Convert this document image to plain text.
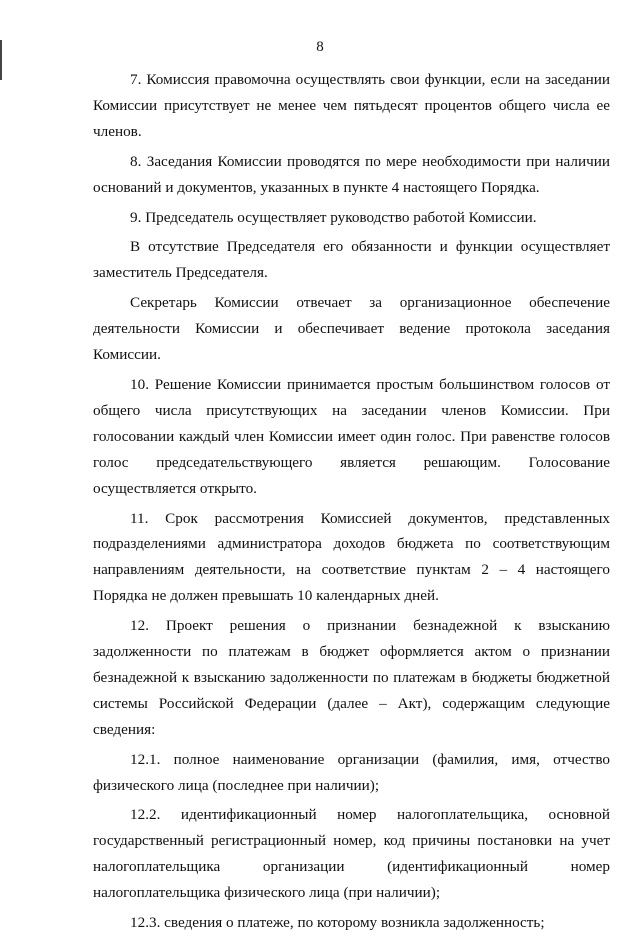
8

7. Комиссия правомочна осуществлять свои функции, если на заседании Комиссии присутствует не менее чем пятьдесят процентов общего числа ее членов.

8. Заседания Комиссии проводятся по мере необходимости при наличии оснований и документов, указанных в пункте 4 настоящего Порядка.

9. Председатель осуществляет руководство работой Комиссии.

В отсутствие Председателя его обязанности и функции осуществляет заместитель Председателя.

Секретарь Комиссии отвечает за организационное обеспечение деятельности Комиссии и обеспечивает ведение протокола заседания Комиссии.

10. Решение Комиссии принимается простым большинством голосов от общего числа присутствующих на заседании членов Комиссии. При голосовании каждый член Комиссии имеет один голос. При равенстве голосов голос председательствующего является решающим. Голосование осуществляется открыто.

11. Срок рассмотрения Комиссией документов, представленных подразделениями администратора доходов бюджета по соответствующим направлениям деятельности, на соответствие пунктам 2 – 4 настоящего Порядка не должен превышать 10 календарных дней.

12. Проект решения о признании безнадежной к взысканию задолженности по платежам в бюджет оформляется актом о признании безнадежной к взысканию задолженности по платежам в бюджеты бюджетной системы Российской Федерации (далее – Акт), содержащим следующие сведения:

12.1. полное наименование организации (фамилия, имя, отчество физического лица (последнее при наличии);

12.2. идентификационный номер налогоплательщика, основной государственный регистрационный номер, код причины постановки на учет налогоплательщика организации (идентификационный номер налогоплательщика физического лица (при наличии);

12.3. сведения о платеже, по которому возникла задолженность;
